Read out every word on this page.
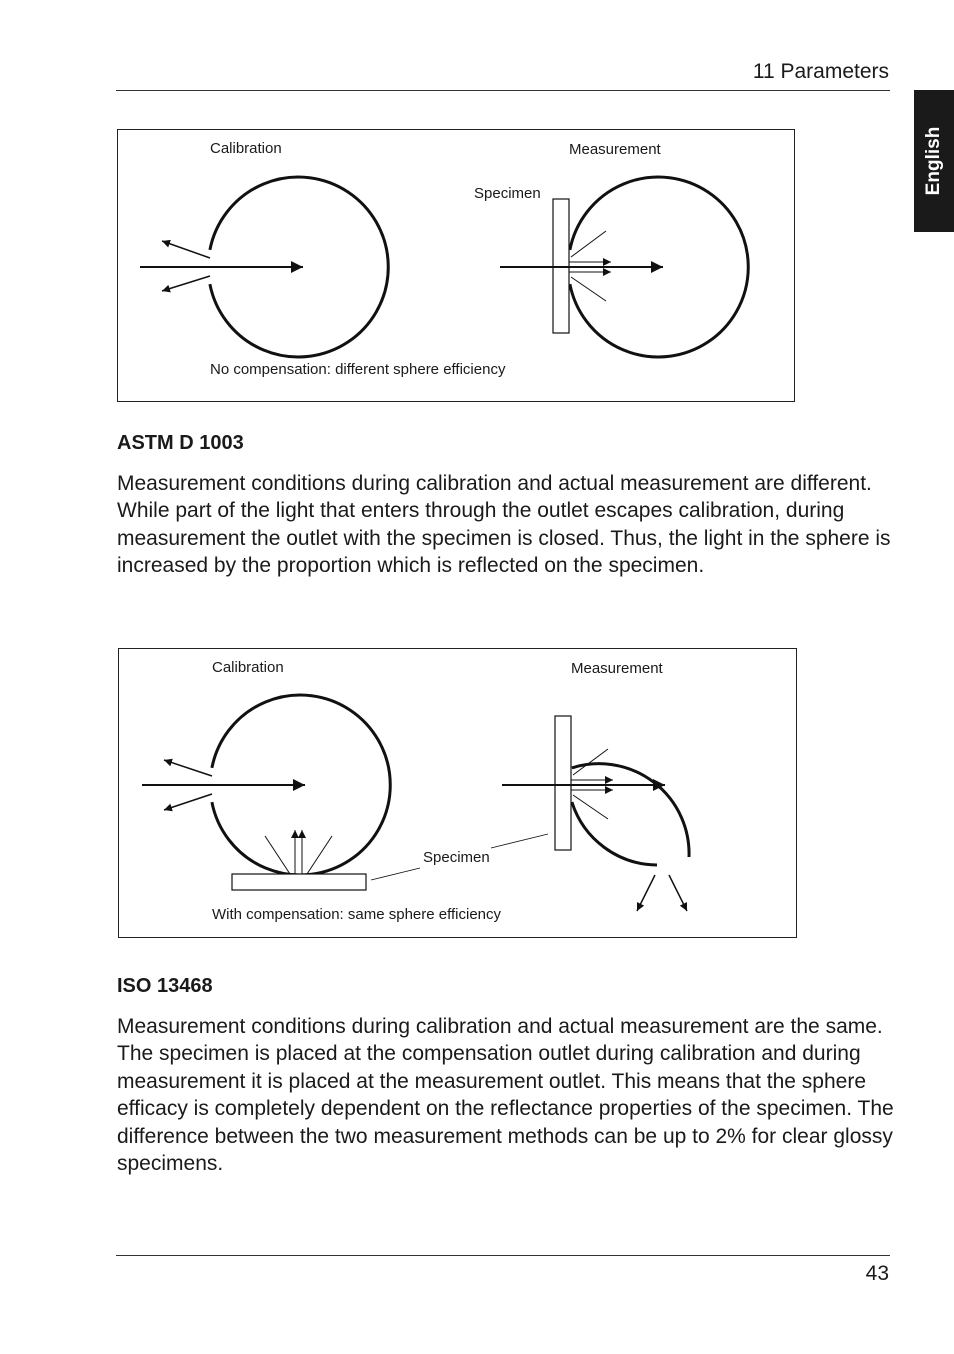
11 Parameters
English
Calibration	Measurement
Specimen
No compensation: different sphere efficiency
ASTM D 1003
Measurement conditions during calibration and actual measurement are different. While part of the light that enters through the outlet escapes calibration, during measurement the outlet with the specimen is closed. Thus, the light in the sphere is increased by the proportion which is reflected on the specimen.
Calibration	Measurement
Specimen
With compensation: same sphere efficiency
ISO 13468
Measurement conditions during calibration and actual measurement are the same. The specimen is placed at the compensation outlet during calibration and during measurement it is placed at the measurement outlet. This means that the sphere efficacy is completely dependent on the reflectance properties of the specimen. The difference between the two measurement methods can be up to 2% for clear glossy specimens.
43
